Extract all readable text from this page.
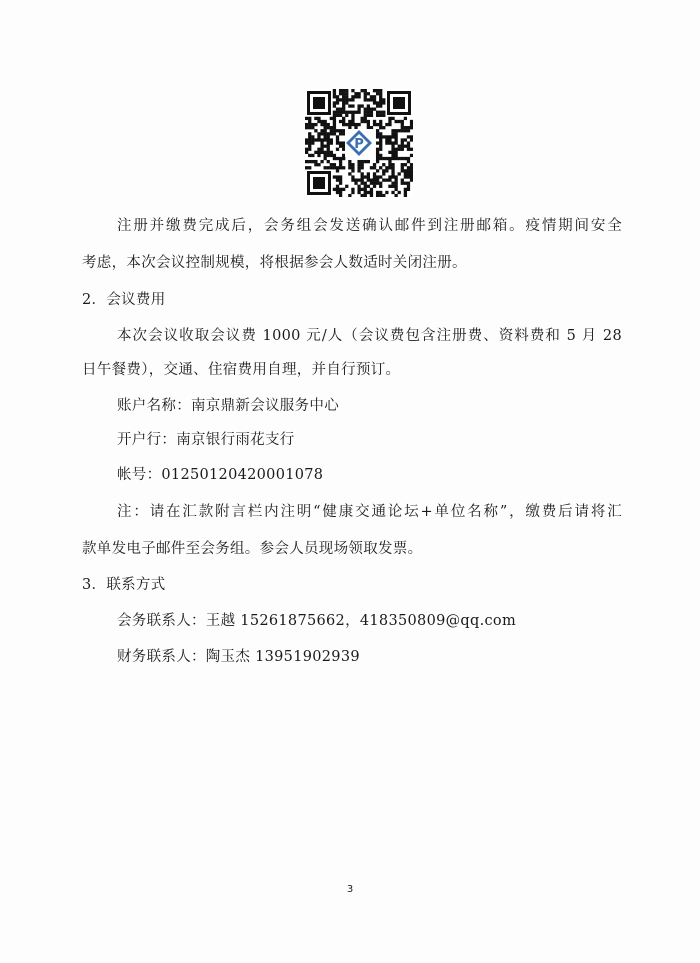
P
注册并缴费完成后，会务组会发送确认邮件到注册邮箱。疫情期间安全
考虑，本次会议控制规模，将根据参会人数适时关闭注册。
2．会议费用
本次会议收取会议费 1000 元/人（会议费包含注册费、资料费和 5 月 28
日午餐费），交通、住宿费用自理，并自行预订。
账户名称：南京鼎新会议服务中心
开户行：南京银行雨花支行
帐号：01250120420001078
注：请在汇款附言栏内注明“健康交通论坛+单位名称”，缴费后请将汇
款单发电子邮件至会务组。参会人员现场领取发票。
3．联系方式
会务联系人：王越 15261875662，418350809@qq.com
财务联系人：陶玉杰 13951902939
3
